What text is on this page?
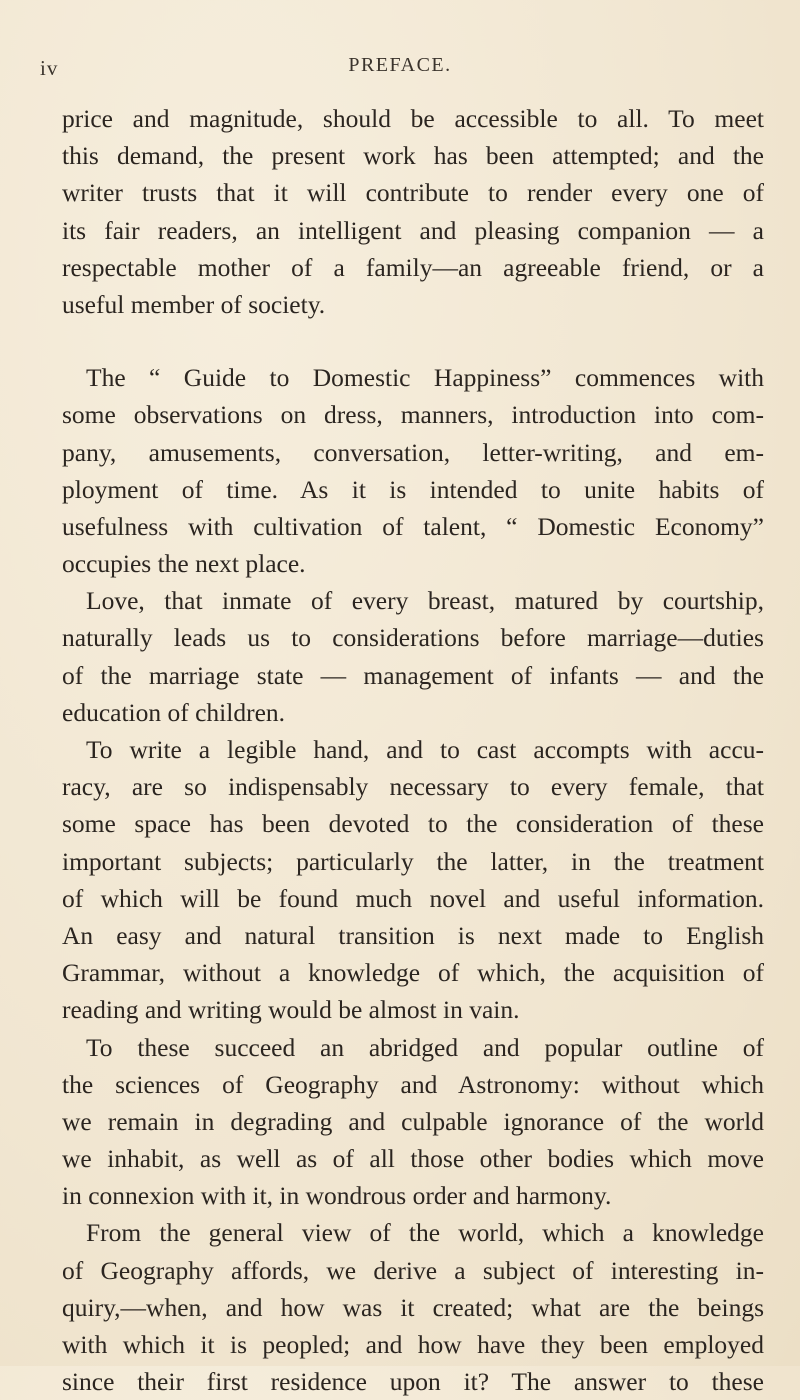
iv	PREFACE.
price and magnitude, should be accessible to all. To meet
this demand, the present work has been attempted; and the
writer trusts that it will contribute to render every one of
its fair readers, an intelligent and pleasing companion — a
respectable mother of a family—an agreeable friend, or a
useful member of society.
The “ Guide to Domestic Happiness” commences with
some observations on dress, manners, introduction into com-
pany, amusements, conversation, letter-writing, and em-
ployment of time. As it is intended to unite habits of
usefulness with cultivation of talent, “ Domestic Economy”
occupies the next place.
Love, that inmate of every breast, matured by courtship,
naturally leads us to considerations before marriage—duties
of the marriage state — management of infants — and the
education of children.
To write a legible hand, and to cast accompts with accu-
racy, are so indispensably necessary to every female, that
some space has been devoted to the consideration of these
important subjects; particularly the latter, in the treatment
of which will be found much novel and useful information.
An easy and natural transition is next made to English
Grammar, without a knowledge of which, the acquisition of
reading and writing would be almost in vain.
To these succeed an abridged and popular outline of
the sciences of Geography and Astronomy: without which
we remain in degrading and culpable ignorance of the world
we inhabit, as well as of all those other bodies which move
in connexion with it, in wondrous order and harmony.
From the general view of the world, which a knowledge
of Geography affords, we derive a subject of interesting in-
quiry,—when, and how was it created; what are the beings
with which it is peopled; and how have they been employed
since their first residence upon it? The answer to these
